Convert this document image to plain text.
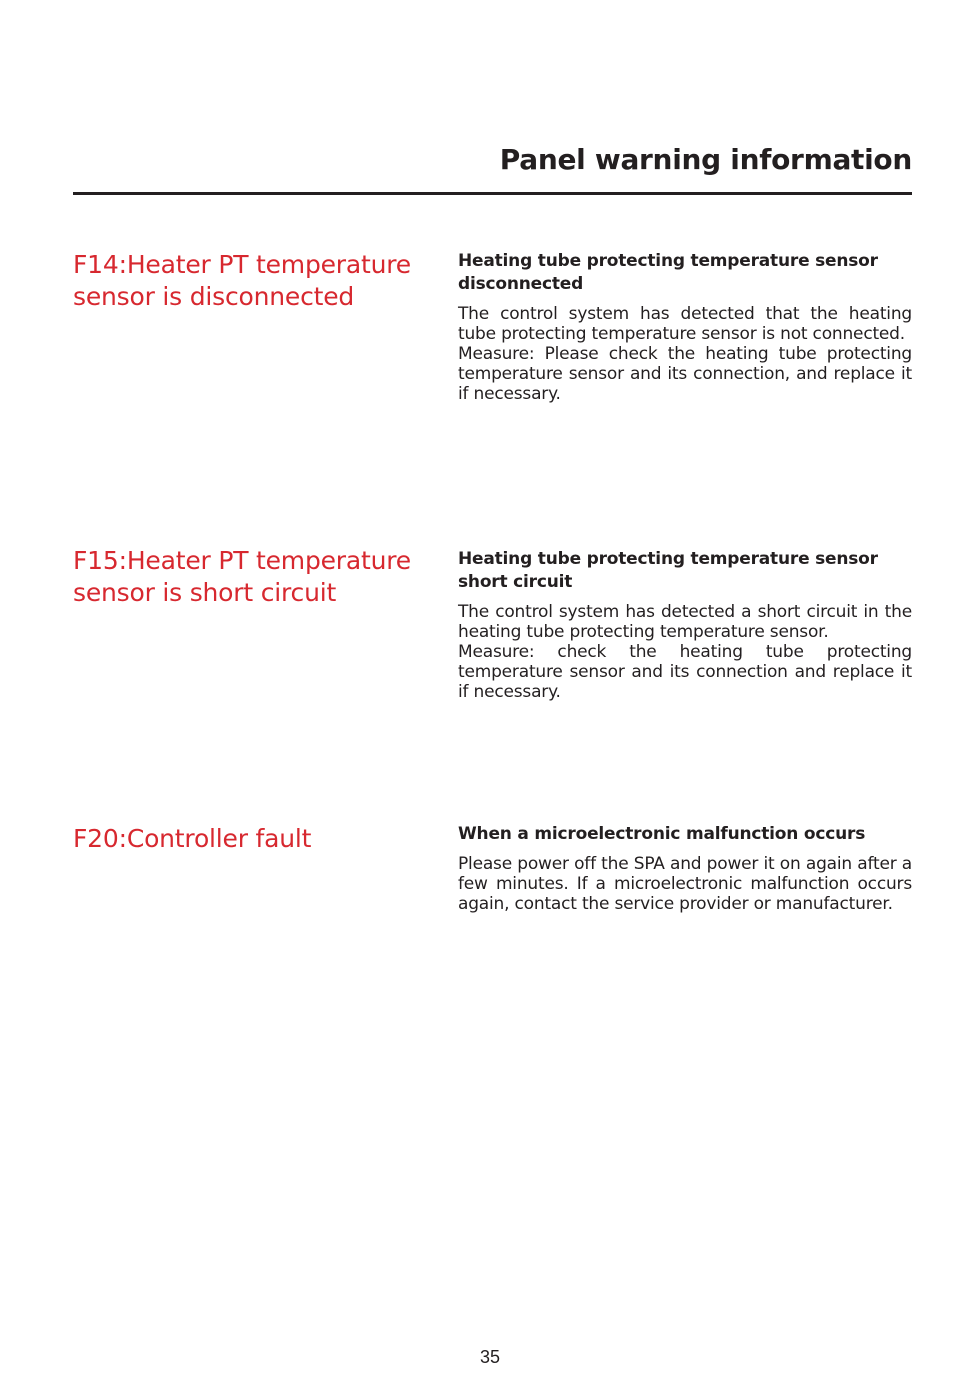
Panel warning information
F14:Heater PT temperature
sensor is disconnected
Heating tube protecting temperature sensor
disconnected

The control system has detected that the heating tube protecting temperature sensor is not connected.

Measure: Please check the heating tube protecting temperature sensor and its connection, and replace it if necessary.

F15:Heater PT temperature
sensor is short circuit
Heating tube protecting temperature sensor
short circuit

The control system has detected a short circuit in the heating tube protecting temperature sensor.

Measure: check the heating tube protecting temperature sensor and its connection and replace it if necessary.

F20:Controller fault	When a microelectronic malfunction occurs

Please power off the SPA and power it on again after a few minutes. If a microelectronic malfunction occurs again, contact the service provider or manufacturer.

35
